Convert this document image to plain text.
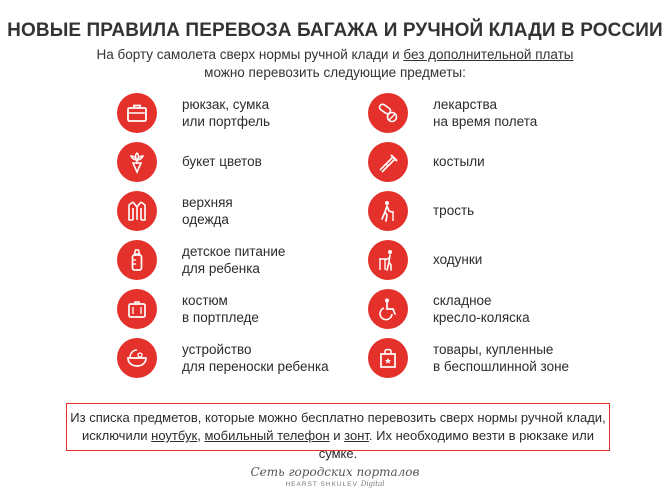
НОВЫЕ ПРАВИЛА ПЕРЕВОЗА БАГАЖА И РУЧНОЙ КЛАДИ В РОССИИ
На борту самолета сверх нормы ручной клади и без дополнительной платы
можно перевозить следующие предметы:
рюкзак, сумка
или портфель
букет цветов
верхняя
одежда
детское питание
для ребенка
костюм
в портпледе
устройство
для переноски ребенка
лекарства
на время полета
костыли
трость
ходунки
складное
кресло-коляска
товары, купленные
в беспошлинной зоне
Из списка предметов, которые можно бесплатно перевозить сверх нормы ручной клади,
исключили ноутбук, мобильный телефон и зонт. Их необходимо везти в рюкзаке или сумке.
Сеть городских порталов
HEARST SHKULEV Digital
